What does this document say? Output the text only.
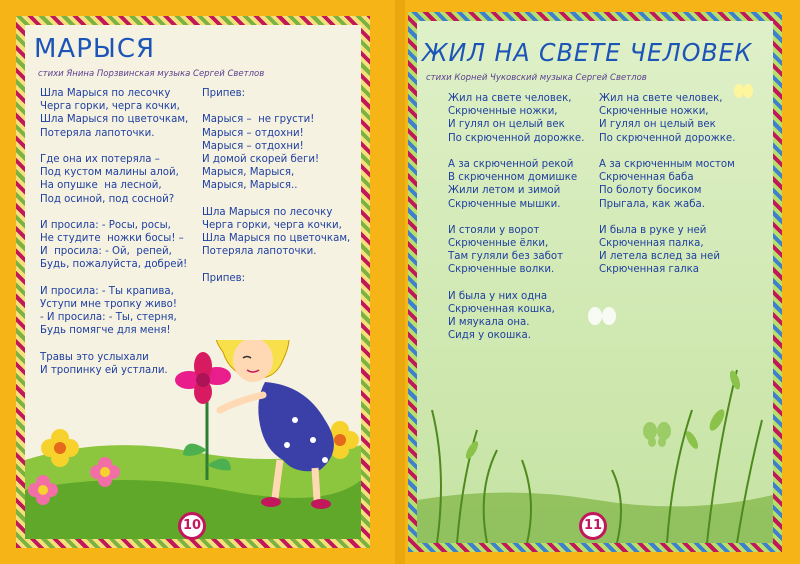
МАРЫСЯ
стихи Янина Порзвинская музыка Сергей Светлов
Шла Марыся по лесочку
Черга горки, черга кочки,
Шла Марыся по цветочкам,
Потеряла лапоточки.
Где она их потеряла –
Под кустом малины алой,
На опушке  на лесной,
Под осиной, под сосной?
И просила: - Росы, росы,
Не студите  ножки босы! –
И  просила: - Ой,  репей,
Будь, пожалуйста, добрей!
И просила: - Ты крапива,
Уступи мне тропку живо!
- И просила: - Ты, стерня,
Будь помягче для меня!
Травы это услыхали
И тропинку ей устлали.
Припев:
Марыся –  не грусти!
Марыся – отдохни!
Марыся – отдохни!
И домой скорей беги!
Марыся, Марыся,
Марыся, Марыся..
Шла Марыся по лесочку
Черга горки, черга кочки,
Шла Марыся по цветочкам,
Потеряла лапоточки.
Припев:
10
ЖИЛ НА СВЕТЕ ЧЕЛОВЕК
стихи Корней Чуковский музыка Сергей Светлов
Жил на свете человек,
Скрюченные ножки,
И гулял он целый век
По скрюченной дорожке.
А за скрюченной рекой
В скрюченном домишке
Жили летом и зимой
Скрюченные мышки.
И стояли у ворот
Скрюченные ёлки,
Там гуляли без забот
Скрюченные волки.
И была у них одна
Скрюченная кошка,
И мяукала она.
Сидя у окошка.
Жил на свете человек,
Скрюченные ножки,
И гулял он целый век
По скрюченной дорожке.
А за скрюченным мостом
Скрюченная баба
По болоту босиком
Прыгала, как жаба.
И была в руке у ней
Скрюченная палка,
И летела вслед за ней
Скрюченная галка
11
